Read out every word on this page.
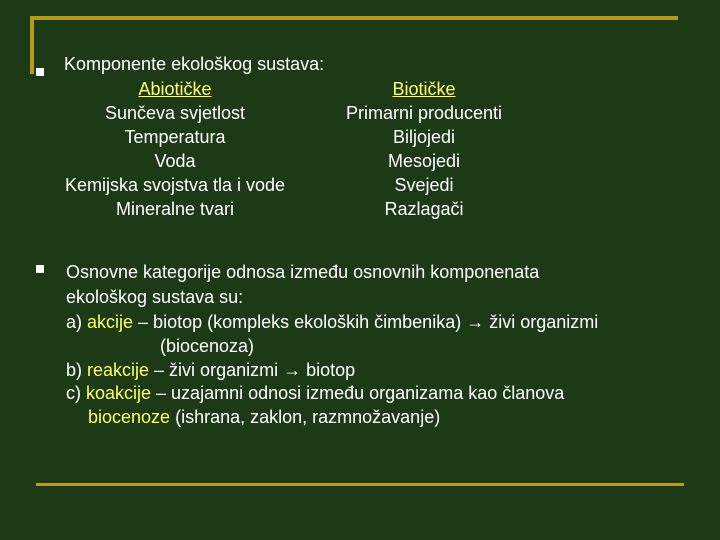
Komponente ekološkog sustava:
Abiotičke
Sunčeva svjetlost
Temperatura
Voda
Kemijska svojstva tla i vode
Mineralne tvari
Biotičke
Primarni producenti
Biljojedi
Mesojedi
Svejedi
Razlagači
Osnovne kategorije odnosa između osnovnih komponenata
ekološkog sustava su:
a) akcije – biotop (kompleks ekoloških čimbenika) → živi organizmi
(biocenoza)
b) reakcije – živi organizmi → biotop
c) koakcije – uzajamni odnosi između organizama kao članova
biocenoze (ishrana, zaklon, razmnožavanje)
